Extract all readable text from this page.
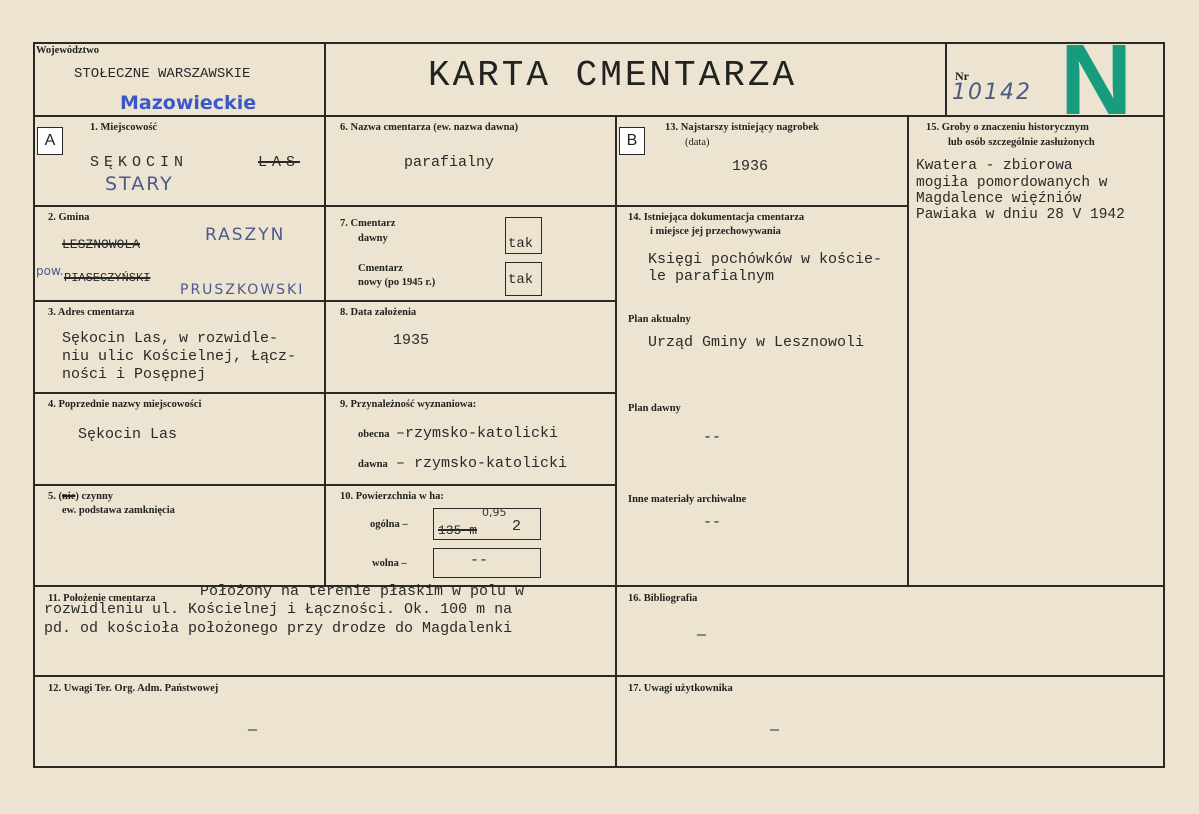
Województwo
STOŁECZNE WARSZAWSKIE
Mazowieckie
KARTA CMENTARZA	Nr
10142 N
A	B
1. Miejscowość
SĘKOCIN	LAS
STARY
2. Gmina
LESZNOWOLA	RASZYN
pow. PIASECZYŃSKI
PRUSZKOWSKI
3. Adres cmentarza
Sękocin Las, w rozwidle-
niu ulic Kościelnej, Łącz-
ności i Posępnej
4. Poprzednie nazwy miejscowości
Sękocin Las
5. (nie) czynny
ew. podstawa zamknięcia
6. Nazwa cmentarza (ew. nazwa dawna)
parafialny
7. Cmentarz
dawny	tak
Cmentarz
nowy (po 1945 r.)	tak
8. Data założenia
1935
9. Przynależność wyznaniowa:
obecna –rzymsko-katolicki
dawna – rzymsko-katolicki
10. Powierzchnia w ha:
ogólna – 135 m
0,95
2
wolna –	--
11. Położenie cmentarza	Położony na terenie płaskim w polu w
rozwidleniu ul. Kościelnej i Łączności. Ok. 100 m na
pd. od kościoła położonego przy drodze do Magdalenki
12. Uwagi Ter. Org. Adm. Państwowej
—
13. Najstarszy istniejący nagrobek
(data)
1936
14. Istniejąca dokumentacja cmentarza
i miejsce jej przechowywania
Księgi pochówków w koście-
le parafialnym
Plan aktualny
Urząd Gminy w Lesznowoli
Plan dawny
--
Inne materiały archiwalne
--
15. Groby o znaczeniu historycznym
lub osób szczególnie zasłużonych
Kwatera - zbiorowa
mogiła pomordowanych w
Magdalence więźniów
Pawiaka w dniu 28 V 1942
16. Bibliografia
—
17. Uwagi użytkownika
—
